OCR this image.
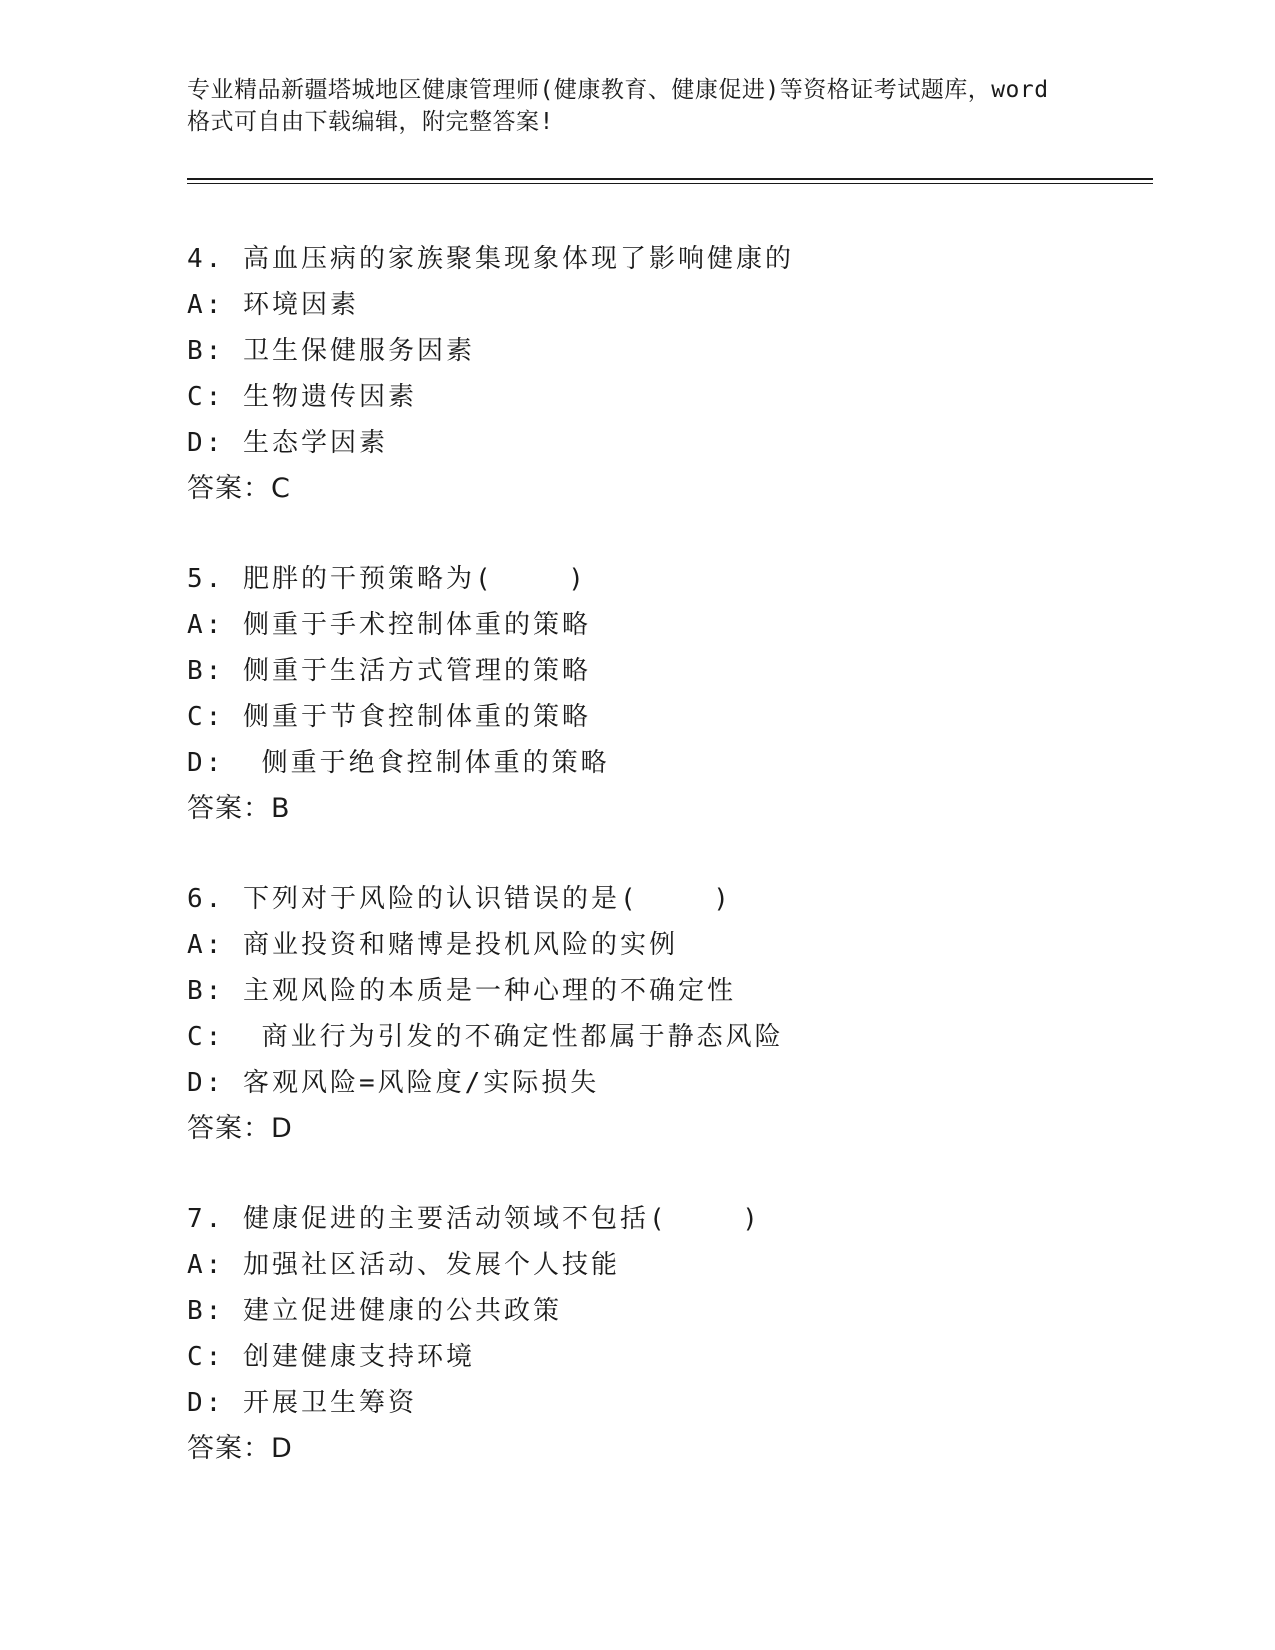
专业精品新疆塔城地区健康管理师(健康教育、健康促进)等资格证考试题库，word
格式可自由下载编辑，附完整答案!
4. 高血压病的家族聚集现象体现了影响健康的
A: 环境因素
B: 卫生保健服务因素
C: 生物遗传因素
D: 生态学因素
答案：C
5. 肥胖的干预策略为(    )
A: 侧重于手术控制体重的策略
B: 侧重于生活方式管理的策略
C: 侧重于节食控制体重的策略
D:  侧重于绝食控制体重的策略
答案：B
6. 下列对于风险的认识错误的是(    )
A: 商业投资和赌博是投机风险的实例
B: 主观风险的本质是一种心理的不确定性
C:  商业行为引发的不确定性都属于静态风险
D: 客观风险=风险度/实际损失
答案：D
7. 健康促进的主要活动领域不包括(    )
A: 加强社区活动、发展个人技能
B: 建立促进健康的公共政策
C: 创建健康支持环境
D: 开展卫生筹资
答案：D
